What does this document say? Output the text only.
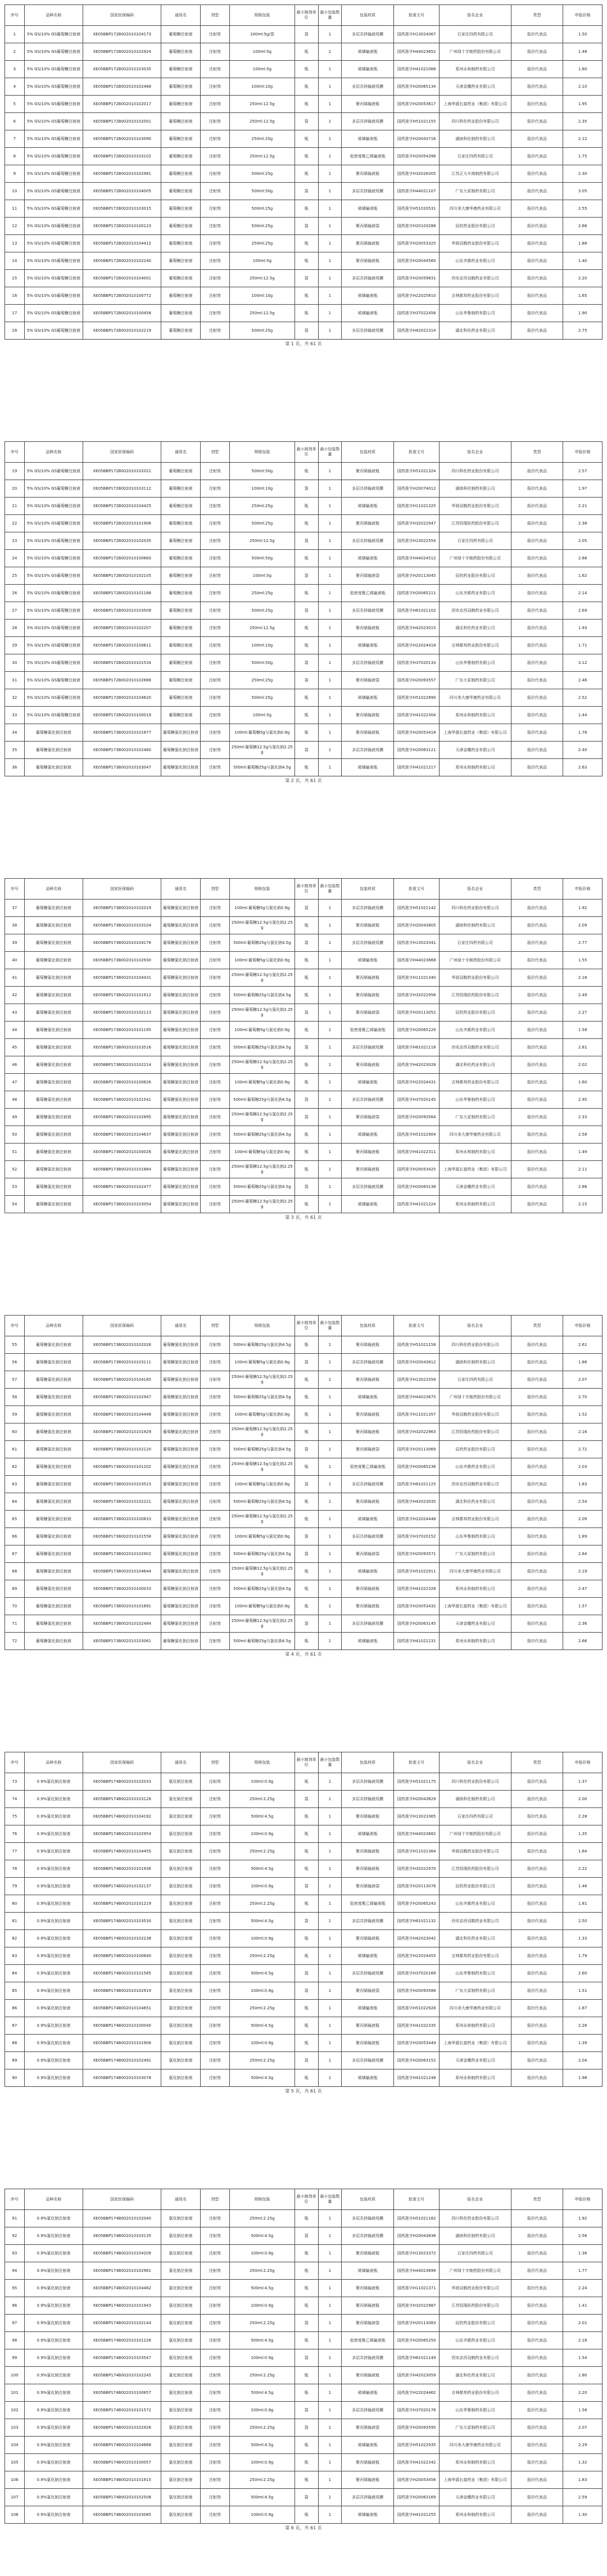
序号	品种名称	国家医保编码	通用名	剂型	规格包装	最小制剂单位	最小包装数量	包装材质	批准文号	报名企业	类型	申报价格
1	5% GS/10% GS葡萄糖注射液	XE05BBP172B002010104173	葡萄糖注射液	注射剂	100ml:5g/袋	袋	1	多层共挤输液用膜	国药准字H13024067	石家庄四药有限公司	报价代表品	1.50
2	5% GS/10% GS葡萄糖注射液	XE05BBP172B002010102924	葡萄糖注射液	注射剂	100ml:5g	瓶	1	玻璃输液瓶	国药准字H44023652	广州绿十字制药股份有限公司	报价代表品	1.48
3	5% GS/10% GS葡萄糖注射液	XE05BBP172B002010103035	葡萄糖注射液	注射剂	100ml:5g	瓶	1	玻璃输液瓶	国药准字H41021066	郑州永和制药有限公司	报价代表品	1.80
4	5% GS/10% GS葡萄糖注射液	XE05BBP172B002010102468	葡萄糖注射液	注射剂	100ml:10g	瓶	1	多层共挤输液用膜	国药准字H20065134	天津金耀药业有限公司	报价代表品	2.10
5	5% GS/10% GS葡萄糖注射液	XE05BBP172B002010102017	葡萄糖注射液	注射剂	250ml:12.5g	瓶	1	聚丙烯输液瓶	国药准字H20053617	上海华源长富药业（集团）有限公司	报价代表品	1.95
6	5% GS/10% GS葡萄糖注射液	XE05BBP172B002010102001	葡萄糖注射液	注射剂	250ml:12.5g	袋	1	多层共挤输液用膜	国药准字H51021155	四川科伦药业股份有限公司	报价代表品	2.35
7	5% GS/10% GS葡萄糖注射液	XE05BBP172B002010103090	葡萄糖注射液	注射剂	250ml:25g	瓶	1	玻璃输液瓶	国药准字H20043716	湖南科伦制药有限公司	报价代表品	2.12
8	5% GS/10% GS葡萄糖注射液	XE05BBP172B002010103102	葡萄糖注射液	注射剂	250ml:12.5g	瓶	1	低密度聚乙烯输液瓶	国药准字H20054396	石家庄四药有限公司	报价代表品	1.75
9	5% GS/10% GS葡萄糖注射液	XE05BBP172B002010102981	葡萄糖注射液	注射剂	500ml:25g	瓶	1	聚丙烯输液瓶	国药准字H32026305	江苏正大丰海制药有限公司	报价代表品	2.30
10	5% GS/10% GS葡萄糖注射液	XE05BBP172B002010104005	葡萄糖注射液	注射剂	500ml:50g	袋	1	多层共挤输液用膜	国药准字H44021107	广东大冢制药有限公司	报价代表品	3.05
11	5% GS/10% GS葡萄糖注射液	XE05BBP172B002010103015	葡萄糖注射液	注射剂	500ml:25g	瓶	1	玻璃输液瓶	国药准字H51020531	四川美大康华康药业有限公司	报价代表品	2.55
12	5% GS/10% GS葡萄糖注射液	XE05BBP172B002010100123	葡萄糖注射液	注射剂	500ml:25g	袋	1	聚丙烯输液袋	国药准字H20103288	辰欣药业股份有限公司	报价代表品	2.66
13	5% GS/10% GS葡萄糖注射液	XE05BBP172B002010104412	葡萄糖注射液	注射剂	250ml:25g	瓶	1	聚丙烯输液瓶	国药准字H20053325	华润双鹤药业股份有限公司	报价代表品	1.88
14	5% GS/10% GS葡萄糖注射液	XE05BBP172B002010102240	葡萄糖注射液	注射剂	100ml:5g	瓶	1	聚丙烯输液瓶	国药准字H20044560	山东齐都药业有限公司	报价代表品	1.40
15	5% GS/10% GS葡萄糖注射液	XE05BBP172B002010104001	葡萄糖注射液	注射剂	250ml:12.5g	袋	1	多层共挤输液用膜	国药准字H20059831	西安京西双鹤药业有限公司	报价代表品	2.20
16	5% GS/10% GS葡萄糖注射液	XE05BBP172B002010100772	葡萄糖注射液	注射剂	100ml:10g	瓶	1	玻璃输液瓶	国药准字H22025810	吉林都邦药业股份有限公司	报价代表品	1.65
17	5% GS/10% GS葡萄糖注射液	XE05BBP172B002010100458	葡萄糖注射液	注射剂	250ml:12.5g	瓶	1	玻璃输液瓶	国药准字H37022456	山东华鲁制药有限公司	报价代表品	1.90
18	5% GS/10% GS葡萄糖注射液	XE05BBP172B002010102219	葡萄糖注射液	注射剂	500ml:25g	袋	1	多层共挤输液用膜	国药准字H42022314	湖北科伦药业有限公司	报价代表品	2.75
第 1 页，共 61 页
序号	品种名称	国家医保编码	通用名	剂型	规格包装	最小制剂单位	最小包装数量	包装材质	批准文号	报名企业	类型	申报价格
19	5% GS/10% GS葡萄糖注射液	XE05BBP172B002010102021	葡萄糖注射液	注射剂	500ml:50g	瓶	1	聚丙烯输液瓶	国药准字H51021324	四川科伦药业股份有限公司	报价代表品	2.57
20	5% GS/10% GS葡萄糖注射液	XE05BBP172B002010103112	葡萄糖注射液	注射剂	100ml:10g	袋	1	多层共挤输液用膜	国药准字H20074012	湖南科伦制药有限公司	报价代表品	1.97
21	5% GS/10% GS葡萄糖注射液	XE05BBP172B002010104425	葡萄糖注射液	注射剂	250ml:25g	瓶	1	玻璃输液瓶	国药准字H11021325	华润双鹤药业股份有限公司	报价代表品	2.21
22	5% GS/10% GS葡萄糖注射液	XE05BBP172B002010101906	葡萄糖注射液	注射剂	500ml:25g	瓶	1	聚丙烯输液瓶	国药准字H32022947	江苏恒瑞医药股份有限公司	报价代表品	2.38
23	5% GS/10% GS葡萄糖注射液	XE05BBP172B002010102035	葡萄糖注射液	注射剂	250ml:12.5g	袋	1	多层共挤输液用膜	国药准字H13022554	石家庄四药有限公司	报价代表品	2.05
24	5% GS/10% GS葡萄糖注射液	XE05BBP172B002010100660	葡萄糖注射液	注射剂	500ml:50g	瓶	1	玻璃输液瓶	国药准字H44024512	广州绿十字制药股份有限公司	报价代表品	2.88
25	5% GS/10% GS葡萄糖注射液	XE05BBP172B002010102105	葡萄糖注射液	注射剂	100ml:5g	袋	1	聚丙烯输液袋	国药准字H20113045	辰欣药业股份有限公司	报价代表品	1.62
26	5% GS/10% GS葡萄糖注射液	XE05BBP172B002010101188	葡萄糖注射液	注射剂	250ml:25g	瓶	1	低密度聚乙烯输液瓶	国药准字H20065211	山东齐都药业有限公司	报价代表品	2.14
27	5% GS/10% GS葡萄糖注射液	XE05BBP172B002010103509	葡萄糖注射液	注射剂	500ml:25g	袋	1	多层共挤输液用膜	国药准字H61021102	西安京西双鹤药业有限公司	报价代表品	2.69
28	5% GS/10% GS葡萄糖注射液	XE05BBP172B002010102207	葡萄糖注射液	注射剂	250ml:12.5g	瓶	1	聚丙烯输液瓶	国药准字H42023015	湖北科伦药业有限公司	报价代表品	1.93
29	5% GS/10% GS葡萄糖注射液	XE05BBP172B002010100811	葡萄糖注射液	注射剂	100ml:10g	瓶	1	玻璃输液瓶	国药准字H22024418	吉林都邦药业股份有限公司	报价代表品	1.71
30	5% GS/10% GS葡萄糖注射液	XE05BBP172B002010101534	葡萄糖注射液	注射剂	500ml:50g	袋	1	多层共挤输液用膜	国药准字H37020133	山东华鲁制药有限公司	报价代表品	3.12
31	5% GS/10% GS葡萄糖注射液	XE05BBP172B002010102888	葡萄糖注射液	注射剂	250ml:25g	袋	1	聚丙烯输液袋	国药准字H20093557	广东大冢制药有限公司	报价代表品	2.46
32	5% GS/10% GS葡萄糖注射液	XE05BBP172B002010104620	葡萄糖注射液	注射剂	500ml:25g	瓶	1	玻璃输液瓶	国药准字H51022890	四川美大康华康药业有限公司	报价代表品	2.52
33	5% GS/10% GS葡萄糖注射液	XE05BBP172B002010100019	葡萄糖注射液	注射剂	100ml:5g	瓶	1	聚丙烯输液瓶	国药准字H41022304	郑州永和制药有限公司	报价代表品	1.44
34	葡萄糖氯化钠注射液	XE05BBP173B002010101877	葡萄糖氯化钠注射液	注射剂	100ml:葡萄糖5g与氯化钠0.9g	瓶	1	聚丙烯输液瓶	国药准字H20053418	上海华源长富药业（集团）有限公司	报价代表品	1.78
35	葡萄糖氯化钠注射液	XE05BBP173B002010102460	葡萄糖氯化钠注射液	注射剂	250ml:葡萄糖12.5g与氯化钠2.25g	袋	1	多层共挤输液用膜	国药准字H20063121	天津金耀药业有限公司	报价代表品	2.40
36	葡萄糖氯化钠注射液	XE05BBP173B002010103047	葡萄糖氯化钠注射液	注射剂	500ml:葡萄糖25g与氯化钠4.5g	瓶	1	玻璃输液瓶	国药准字H41021217	郑州永和制药有限公司	报价代表品	2.63
第 2 页，共 61 页
序号	品种名称	国家医保编码	通用名	剂型	规格包装	最小制剂单位	最小包装数量	包装材质	批准文号	报名企业	类型	申报价格
37	葡萄糖氯化钠注射液	XE05BBP173B002010102019	葡萄糖氯化钠注射液	注射剂	100ml:葡萄糖5g与氯化钠0.9g	袋	1	多层共挤输液用膜	国药准字H51021142	四川科伦药业股份有限公司	报价代表品	1.92
38	葡萄糖氯化钠注射液	XE05BBP173B002010103104	葡萄糖氯化钠注射液	注射剂	250ml:葡萄糖12.5g与氯化钠2.25g	瓶	1	聚丙烯输液瓶	国药准字H20043805	湖南科伦制药有限公司	报价代表品	2.09
39	葡萄糖氯化钠注射液	XE05BBP173B002010104178	葡萄糖氯化钠注射液	注射剂	500ml:葡萄糖25g与氯化钠4.5g	袋	1	多层共挤输液用膜	国药准字H13023341	石家庄四药有限公司	报价代表品	2.77
40	葡萄糖氯化钠注射液	XE05BBP173B002010102930	葡萄糖氯化钠注射液	注射剂	100ml:葡萄糖5g与氯化钠0.9g	瓶	1	玻璃输液瓶	国药准字H44023668	广州绿十字制药股份有限公司	报价代表品	1.55
41	葡萄糖氯化钠注射液	XE05BBP173B002010104431	葡萄糖氯化钠注射液	注射剂	250ml:葡萄糖12.5g与氯化钠2.25g	瓶	1	聚丙烯输液瓶	国药准字H11021340	华润双鹤药业股份有限公司	报价代表品	2.18
42	葡萄糖氯化钠注射液	XE05BBP173B002010101912	葡萄糖氯化钠注射液	注射剂	500ml:葡萄糖25g与氯化钠4.5g	瓶	1	聚丙烯输液瓶	国药准字H32022956	江苏恒瑞医药股份有限公司	报价代表品	2.49
43	葡萄糖氯化钠注射液	XE05BBP173B002010102113	葡萄糖氯化钠注射液	注射剂	250ml:葡萄糖12.5g与氯化钠2.25g	袋	1	聚丙烯输液袋	国药准字H20113052	辰欣药业股份有限公司	报价代表品	2.27
44	葡萄糖氯化钠注射液	XE05BBP173B002010101195	葡萄糖氯化钠注射液	注射剂	100ml:葡萄糖5g与氯化钠0.9g	瓶	1	低密度聚乙烯输液瓶	国药准字H20065229	山东齐都药业有限公司	报价代表品	1.58
45	葡萄糖氯化钠注射液	XE05BBP173B002010103516	葡萄糖氯化钠注射液	注射剂	500ml:葡萄糖25g与氯化钠4.5g	袋	1	多层共挤输液用膜	国药准字H61021118	西安京西双鹤药业有限公司	报价代表品	2.81
46	葡萄糖氯化钠注射液	XE05BBP173B002010102214	葡萄糖氯化钠注射液	注射剂	250ml:葡萄糖12.5g与氯化钠2.25g	瓶	1	聚丙烯输液瓶	国药准字H42023028	湖北科伦药业有限公司	报价代表品	2.02
47	葡萄糖氯化钠注射液	XE05BBP173B002010100826	葡萄糖氯化钠注射液	注射剂	100ml:葡萄糖5g与氯化钠0.9g	瓶	1	玻璃输液瓶	国药准字H22024431	吉林都邦药业股份有限公司	报价代表品	1.60
48	葡萄糖氯化钠注射液	XE05BBP173B002010101541	葡萄糖氯化钠注射液	注射剂	500ml:葡萄糖25g与氯化钠4.5g	袋	1	多层共挤输液用膜	国药准字H37020145	山东华鲁制药有限公司	报价代表品	2.95
49	葡萄糖氯化钠注射液	XE05BBP173B002010102895	葡萄糖氯化钠注射液	注射剂	250ml:葡萄糖12.5g与氯化钠2.25g	袋	1	聚丙烯输液袋	国药准字H20093564	广东大冢制药有限公司	报价代表品	2.33
50	葡萄糖氯化钠注射液	XE05BBP173B002010104637	葡萄糖氯化钠注射液	注射剂	500ml:葡萄糖25g与氯化钠4.5g	瓶	1	玻璃输液瓶	国药准字H51022904	四川美大康华康药业有限公司	报价代表品	2.58
51	葡萄糖氯化钠注射液	XE05BBP173B002010100026	葡萄糖氯化钠注射液	注射剂	100ml:葡萄糖5g与氯化钠0.9g	瓶	1	聚丙烯输液瓶	国药准字H41022311	郑州永和制药有限公司	报价代表品	1.49
52	葡萄糖氯化钠注射液	XE05BBP173B002010101884	葡萄糖氯化钠注射液	注射剂	250ml:葡萄糖12.5g与氯化钠2.25g	瓶	1	聚丙烯输液瓶	国药准字H20053425	上海华源长富药业（集团）有限公司	报价代表品	2.11
53	葡萄糖氯化钠注射液	XE05BBP173B002010102477	葡萄糖氯化钠注射液	注射剂	500ml:葡萄糖25g与氯化钠4.5g	袋	1	多层共挤输液用膜	国药准字H20063138	天津金耀药业有限公司	报价代表品	2.86
54	葡萄糖氯化钠注射液	XE05BBP173B002010103054	葡萄糖氯化钠注射液	注射剂	250ml:葡萄糖12.5g与氯化钠2.25g	瓶	1	玻璃输液瓶	国药准字H41021224	郑州永和制药有限公司	报价代表品	2.15
第 3 页，共 61 页
序号	品种名称	国家医保编码	通用名	剂型	规格包装	最小制剂单位	最小包装数量	包装材质	批准文号	报名企业	类型	申报价格
55	葡萄糖氯化钠注射液	XE05BBP173B002010102026	葡萄糖氯化钠注射液	注射剂	500ml:葡萄糖25g与氯化钠4.5g	瓶	1	聚丙烯输液瓶	国药准字H51021158	四川科伦药业股份有限公司	报价代表品	2.61
56	葡萄糖氯化钠注射液	XE05BBP173B002010103111	葡萄糖氯化钠注射液	注射剂	100ml:葡萄糖5g与氯化钠0.9g	袋	1	多层共挤输液用膜	国药准字H20043812	湖南科伦制药有限公司	报价代表品	1.86
57	葡萄糖氯化钠注射液	XE05BBP173B002010104185	葡萄糖氯化钠注射液	注射剂	250ml:葡萄糖12.5g与氯化钠2.25g	瓶	1	聚丙烯输液瓶	国药准字H13023358	石家庄四药有限公司	报价代表品	2.07
58	葡萄糖氯化钠注射液	XE05BBP173B002010102947	葡萄糖氯化钠注射液	注射剂	500ml:葡萄糖25g与氯化钠4.5g	瓶	1	玻璃输液瓶	国药准字H44023675	广州绿十字制药股份有限公司	报价代表品	2.70
59	葡萄糖氯化钠注射液	XE05BBP173B002010104448	葡萄糖氯化钠注射液	注射剂	100ml:葡萄糖5g与氯化钠0.9g	瓶	1	聚丙烯输液瓶	国药准字H11021357	华润双鹤药业股份有限公司	报价代表品	1.52
60	葡萄糖氯化钠注射液	XE05BBP173B002010101929	葡萄糖氯化钠注射液	注射剂	250ml:葡萄糖12.5g与氯化钠2.25g	瓶	1	聚丙烯输液瓶	国药准字H32022963	江苏恒瑞医药股份有限公司	报价代表品	2.16
61	葡萄糖氯化钠注射液	XE05BBP173B002010102120	葡萄糖氯化钠注射液	注射剂	500ml:葡萄糖25g与氯化钠4.5g	袋	1	聚丙烯输液袋	国药准字H20113069	辰欣药业股份有限公司	报价代表品	2.72
62	葡萄糖氯化钠注射液	XE05BBP173B002010101202	葡萄糖氯化钠注射液	注射剂	250ml:葡萄糖12.5g与氯化钠2.25g	瓶	1	低密度聚乙烯输液瓶	国药准字H20065236	山东齐都药业有限公司	报价代表品	2.03
63	葡萄糖氯化钠注射液	XE05BBP173B002010103523	葡萄糖氯化钠注射液	注射剂	100ml:葡萄糖5g与氯化钠0.9g	袋	1	多层共挤输液用膜	国药准字H61021125	西安京西双鹤药业有限公司	报价代表品	1.83
64	葡萄糖氯化钠注射液	XE05BBP173B002010102221	葡萄糖氯化钠注射液	注射剂	500ml:葡萄糖25g与氯化钠4.5g	瓶	1	聚丙烯输液瓶	国药准字H42023035	湖北科伦药业有限公司	报价代表品	2.54
65	葡萄糖氯化钠注射液	XE05BBP173B002010100833	葡萄糖氯化钠注射液	注射剂	250ml:葡萄糖12.5g与氯化钠2.25g	瓶	1	玻璃输液瓶	国药准字H22024448	吉林都邦药业股份有限公司	报价代表品	2.09
66	葡萄糖氯化钠注射液	XE05BBP173B002010101558	葡萄糖氯化钠注射液	注射剂	100ml:葡萄糖5g与氯化钠0.9g	袋	1	多层共挤输液用膜	国药准字H37020152	山东华鲁制药有限公司	报价代表品	1.89
67	葡萄糖氯化钠注射液	XE05BBP173B002010102902	葡萄糖氯化钠注射液	注射剂	500ml:葡萄糖25g与氯化钠4.5g	袋	1	聚丙烯输液袋	国药准字H20093571	广东大冢制药有限公司	报价代表品	2.84
68	葡萄糖氯化钠注射液	XE05BBP173B002010104644	葡萄糖氯化钠注射液	注射剂	250ml:葡萄糖12.5g与氯化钠2.25g	瓶	1	玻璃输液瓶	国药准字H51022911	四川美大康华康药业有限公司	报价代表品	2.19
69	葡萄糖氯化钠注射液	XE05BBP173B002010100033	葡萄糖氯化钠注射液	注射剂	500ml:葡萄糖25g与氯化钠4.5g	瓶	1	聚丙烯输液瓶	国药准字H41022328	郑州永和制药有限公司	报价代表品	2.47
70	葡萄糖氯化钠注射液	XE05BBP173B002010101891	葡萄糖氯化钠注射液	注射剂	100ml:葡萄糖5g与氯化钠0.9g	瓶	1	聚丙烯输液瓶	国药准字H20053432	上海华源长富药业（集团）有限公司	报价代表品	1.57
71	葡萄糖氯化钠注射液	XE05BBP173B002010102484	葡萄糖氯化钠注射液	注射剂	250ml:葡萄糖12.5g与氯化钠2.25g	袋	1	多层共挤输液用膜	国药准字H20063145	天津金耀药业有限公司	报价代表品	2.36
72	葡萄糖氯化钠注射液	XE05BBP173B002010103061	葡萄糖氯化钠注射液	注射剂	500ml:葡萄糖25g与氯化钠4.5g	瓶	1	玻璃输液瓶	国药准字H41021231	郑州永和制药有限公司	报价代表品	2.66
第 4 页，共 61 页
序号	品种名称	国家医保编码	通用名	剂型	规格包装	最小制剂单位	最小包装数量	包装材质	批准文号	报名企业	类型	申报价格
73	0.9%氯化钠注射液	XE05BBP174B002010102033	氯化钠注射液	注射剂	100ml:0.9g	瓶	1	多层共挤输液用膜	国药准字H51021175	四川科伦药业股份有限公司	报价代表品	1.37
74	0.9%氯化钠注射液	XE05BBP174B002010103128	氯化钠注射液	注射剂	250ml:2.25g	袋	1	多层共挤输液用膜	国药准字H20043829	湖南科伦制药有限公司	报价代表品	2.00
75	0.9%氯化钠注射液	XE05BBP174B002010104192	氯化钠注射液	注射剂	500ml:4.5g	瓶	1	聚丙烯输液瓶	国药准字H13023365	石家庄四药有限公司	报价代表品	2.28
76	0.9%氯化钠注射液	XE05BBP174B002010102954	氯化钠注射液	注射剂	100ml:0.9g	瓶	1	玻璃输液瓶	国药准字H44023682	广州绿十字制药股份有限公司	报价代表品	1.35
77	0.9%氯化钠注射液	XE05BBP174B002010104455	氯化钠注射液	注射剂	250ml:2.25g	瓶	1	聚丙烯输液瓶	国药准字H11021364	华润双鹤药业股份有限公司	报价代表品	1.84
78	0.9%氯化钠注射液	XE05BBP174B002010101936	氯化钠注射液	注射剂	500ml:4.5g	瓶	1	聚丙烯输液瓶	国药准字H32022970	江苏恒瑞医药股份有限公司	报价代表品	2.22
79	0.9%氯化钠注射液	XE05BBP174B002010102137	氯化钠注射液	注射剂	100ml:0.9g	袋	1	聚丙烯输液袋	国药准字H20113076	辰欣药业股份有限公司	报价代表品	1.46
80	0.9%氯化钠注射液	XE05BBP174B002010101219	氯化钠注射液	注射剂	250ml:2.25g	瓶	1	低密度聚乙烯输液瓶	国药准字H20065243	山东齐都药业有限公司	报价代表品	1.81
81	0.9%氯化钠注射液	XE05BBP174B002010103530	氯化钠注射液	注射剂	500ml:4.5g	袋	1	多层共挤输液用膜	国药准字H61021132	西安京西双鹤药业有限公司	报价代表品	2.50
82	0.9%氯化钠注射液	XE05BBP174B002010102238	氯化钠注射液	注射剂	100ml:0.9g	瓶	1	聚丙烯输液瓶	国药准字H42023042	湖北科伦药业有限公司	报价代表品	1.33
83	0.9%氯化钠注射液	XE05BBP174B002010100840	氯化钠注射液	注射剂	250ml:2.25g	瓶	1	玻璃输液瓶	国药准字H22024455	吉林都邦药业股份有限公司	报价代表品	1.79
84	0.9%氯化钠注射液	XE05BBP174B002010101565	氯化钠注射液	注射剂	500ml:4.5g	袋	1	多层共挤输液用膜	国药准字H37020169	山东华鲁制药有限公司	报价代表品	2.60
85	0.9%氯化钠注射液	XE05BBP174B002010102919	氯化钠注射液	注射剂	100ml:0.9g	袋	1	聚丙烯输液袋	国药准字H20093588	广东大冢制药有限公司	报价代表品	1.51
86	0.9%氯化钠注射液	XE05BBP174B002010104651	氯化钠注射液	注射剂	250ml:2.25g	瓶	1	玻璃输液瓶	国药准字H51022928	四川美大康华康药业有限公司	报价代表品	1.87
87	0.9%氯化钠注射液	XE05BBP174B002010100040	氯化钠注射液	注射剂	500ml:4.5g	瓶	1	聚丙烯输液瓶	国药准字H41022335	郑州永和制药有限公司	报价代表品	2.26
88	0.9%氯化钠注射液	XE05BBP174B002010101908	氯化钠注射液	注射剂	100ml:0.9g	瓶	1	聚丙烯输液瓶	国药准字H20053449	上海华源长富药业（集团）有限公司	报价代表品	1.39
89	0.9%氯化钠注射液	XE05BBP174B002010102491	氯化钠注射液	注射剂	250ml:2.25g	袋	1	多层共挤输液用膜	国药准字H20063152	天津金耀药业有限公司	报价代表品	2.04
90	0.9%氯化钠注射液	XE05BBP174B002010103078	氯化钠注射液	注射剂	500ml:4.5g	瓶	1	玻璃输液瓶	国药准字H41021248	郑州永和制药有限公司	报价代表品	1.98
第 5 页，共 61 页
序号	品种名称	国家医保编码	通用名	剂型	规格包装	最小制剂单位	最小包装数量	包装材质	批准文号	报名企业	类型	申报价格
91	0.9%氯化钠注射液	XE05BBP174B002010102040	氯化钠注射液	注射剂	250ml:2.25g	瓶	1	多层共挤输液用膜	国药准字H51021182	四川科伦药业股份有限公司	报价代表品	1.92
92	0.9%氯化钠注射液	XE05BBP174B002010103135	氯化钠注射液	注射剂	500ml:4.5g	袋	1	多层共挤输液用膜	国药准字H20043836	湖南科伦制药有限公司	报价代表品	2.56
93	0.9%氯化钠注射液	XE05BBP174B002010104209	氯化钠注射液	注射剂	100ml:0.9g	瓶	1	聚丙烯输液瓶	国药准字H13023372	石家庄四药有限公司	报价代表品	1.36
94	0.9%氯化钠注射液	XE05BBP174B002010102961	氯化钠注射液	注射剂	250ml:2.25g	瓶	1	玻璃输液瓶	国药准字H44023699	广州绿十字制药股份有限公司	报价代表品	1.77
95	0.9%氯化钠注射液	XE05BBP174B002010104462	氯化钠注射液	注射剂	500ml:4.5g	瓶	1	聚丙烯输液瓶	国药准字H11021371	华润双鹤药业股份有限公司	报价代表品	2.24
96	0.9%氯化钠注射液	XE05BBP174B002010101943	氯化钠注射液	注射剂	100ml:0.9g	瓶	1	聚丙烯输液瓶	国药准字H32022987	江苏恒瑞医药股份有限公司	报价代表品	1.41
97	0.9%氯化钠注射液	XE05BBP174B002010102144	氯化钠注射液	注射剂	250ml:2.25g	袋	1	聚丙烯输液袋	国药准字H20113083	辰欣药业股份有限公司	报价代表品	2.01
98	0.9%氯化钠注射液	XE05BBP174B002010101226	氯化钠注射液	注射剂	500ml:4.5g	瓶	1	低密度聚乙烯输液瓶	国药准字H20065250	山东齐都药业有限公司	报价代表品	2.18
99	0.9%氯化钠注射液	XE05BBP174B002010103547	氯化钠注射液	注射剂	100ml:0.9g	袋	1	多层共挤输液用膜	国药准字H61021149	西安京西双鹤药业有限公司	报价代表品	1.54
100	0.9%氯化钠注射液	XE05BBP174B002010102245	氯化钠注射液	注射剂	250ml:2.25g	瓶	1	聚丙烯输液瓶	国药准字H42023059	湖北科伦药业有限公司	报价代表品	1.80
101	0.9%氯化钠注射液	XE05BBP174B002010100857	氯化钠注射液	注射剂	500ml:4.5g	瓶	1	玻璃输液瓶	国药准字H22024462	吉林都邦药业股份有限公司	报价代表品	2.20
102	0.9%氯化钠注射液	XE05BBP174B002010101572	氯化钠注射液	注射剂	100ml:0.9g	袋	1	多层共挤输液用膜	国药准字H37020176	山东华鲁制药有限公司	报价代表品	1.58
103	0.9%氯化钠注射液	XE05BBP174B002010102926	氯化钠注射液	注射剂	250ml:2.25g	袋	1	聚丙烯输液袋	国药准字H20093595	广东大冢制药有限公司	报价代表品	2.07
104	0.9%氯化钠注射液	XE05BBP174B002010104668	氯化钠注射液	注射剂	500ml:4.5g	瓶	1	玻璃输液瓶	国药准字H51022935	四川美大康华康药业有限公司	报价代表品	2.29
105	0.9%氯化钠注射液	XE05BBP174B002010100057	氯化钠注射液	注射剂	100ml:0.9g	瓶	1	聚丙烯输液瓶	国药准字H41022342	郑州永和制药有限公司	报价代表品	1.32
106	0.9%氯化钠注射液	XE05BBP174B002010101915	氯化钠注射液	注射剂	250ml:2.25g	瓶	1	聚丙烯输液瓶	国药准字H20053456	上海华源长富药业（集团）有限公司	报价代表品	1.83
107	0.9%氯化钠注射液	XE05BBP174B002010102508	氯化钠注射液	注射剂	500ml:4.5g	袋	1	多层共挤输液用膜	国药准字H20063169	天津金耀药业有限公司	报价代表品	2.59
108	0.9%氯化钠注射液	XE05BBP174B002010103085	氯化钠注射液	注射剂	100ml:0.9g	瓶	1	玻璃输液瓶	国药准字H41021255	郑州永和制药有限公司	报价代表品	1.30
第 6 页，共 61 页
